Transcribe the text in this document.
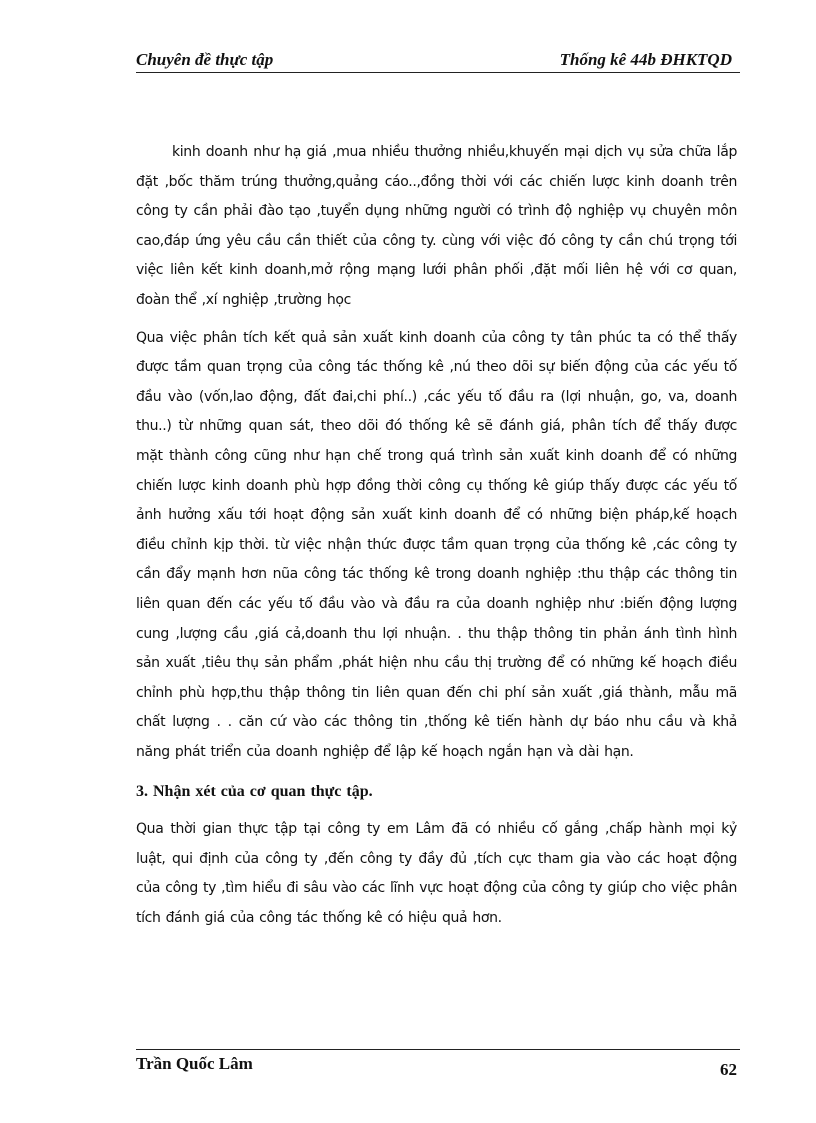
Chuyên đề thực tập	Thống kê 44b ĐHKTQD

kinh doanh như hạ giá ,mua nhiều thưởng nhiều,khuyến mại dịch vụ sửa chữa lắp đặt ,bốc thăm trúng thưởng,quảng cáo..,đồng thời với các chiến lược kinh doanh trên công ty cần phải đào tạo ,tuyển dụng những người có trình độ nghiệp vụ chuyên môn cao,đáp ứng yêu cầu cần thiết của công ty. cùng với việc đó công ty cần chú trọng tới việc liên kết kinh doanh,mở rộng mạng lưới phân phối ,đặt mối liên hệ với cơ quan, đoàn thể ,xí nghiệp ,trường học

Qua việc phân tích kết quả sản xuất kinh doanh của công ty tân phúc ta có thể thấy được tầm quan trọng của công tác thống kê ,nú theo dõi sự biến động của các yếu tố đầu vào (vốn,lao động, đất đai,chi phí..) ,các yếu tố đầu ra (lợi nhuận, go, va, doanh thu..) từ những quan sát, theo dõi đó thống kê sẽ đánh giá, phân tích để thấy được mặt thành công cũng như hạn chế trong quá trình sản xuất kinh doanh để có những chiến lược kinh doanh phù hợp đồng thời công cụ thống kê giúp thấy được các yếu tố ảnh hưởng xấu tới hoạt động sản xuất kinh doanh để có những biện pháp,kế hoạch điều chỉnh kịp thời. từ việc nhận thức được tầm quan trọng của thống kê ,các công ty cần đẩy mạnh hơn nũa công tác thống kê trong doanh nghiệp :thu thập các thông tin liên quan đến các yếu tố đầu vào và đầu ra của doanh nghiệp như :biến động lượng cung ,lượng cầu ,giá cả,doanh thu lợi nhuận. . thu thập thông tin phản ánh tình hình sản xuất ,tiêu thụ sản phẩm ,phát hiện nhu cầu thị trường để có những kế hoạch điều chỉnh phù hợp,thu thập thông tin liên quan đến chi phí sản xuất ,giá thành, mẫu mã chất lượng . . căn cứ vào các thông tin ,thống kê tiến hành dự báo nhu cầu và khả năng phát triển của doanh nghiệp để lập kế hoạch ngắn hạn và dài hạn.

3. Nhận xét của cơ quan thực tập.

Qua thời gian thực tập tại công ty em Lâm đã có nhiều cố gắng ,chấp hành mọi kỷ luật, qui định của công ty ,đến công ty đầy đủ ,tích cực tham gia vào các hoạt động của công ty ,tìm hiểu đi sâu vào các lĩnh vực hoạt động của công ty giúp cho việc phân tích đánh giá của công tác thống kê có hiệu quả hơn.

Trần Quốc Lâm	62
